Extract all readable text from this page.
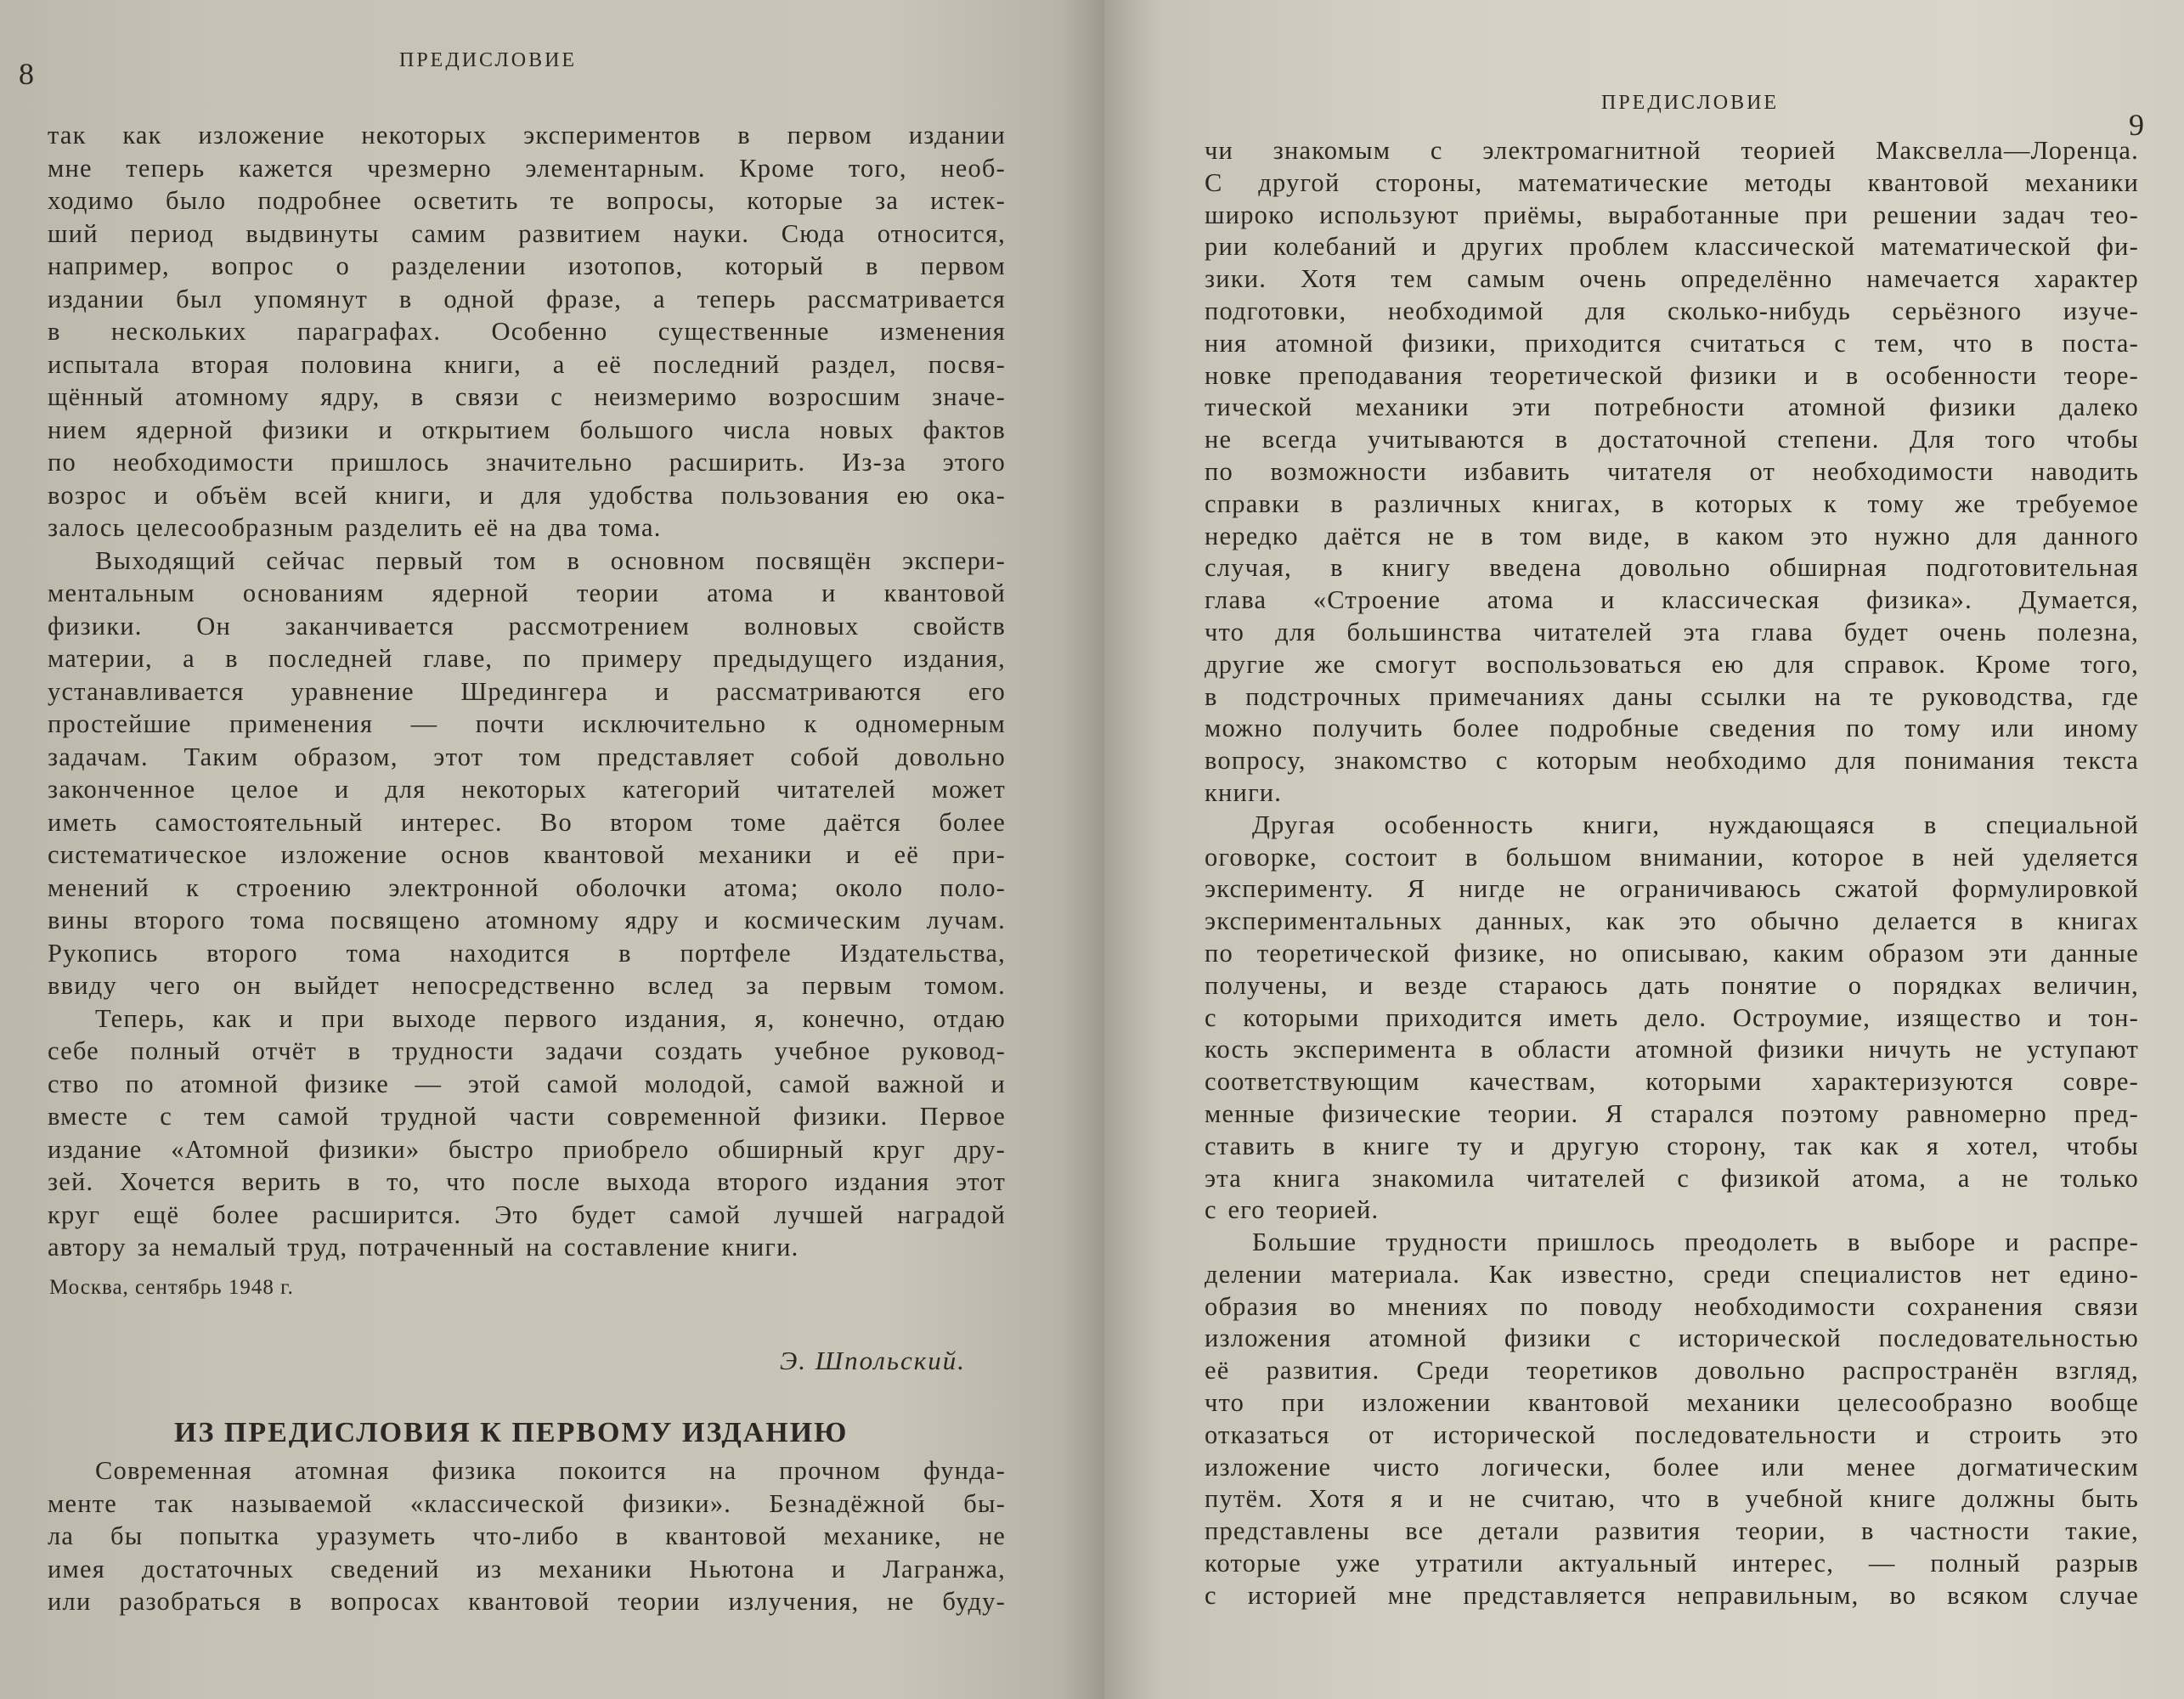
8	ПРЕДИСЛОВИЕ
так как изложение некоторых экспериментов в первом издании
мне теперь кажется чрезмерно элементарным. Кроме того, необ-
ходимо было подробнее осветить те вопросы, которые за истек-
ший период выдвинуты самим развитием науки. Сюда относится,
например, вопрос о разделении изотопов, который в первом
издании был упомянут в одной фразе, а теперь рассматривается
в нескольких параграфах. Особенно существенные изменения
испытала вторая половина книги, а её последний раздел, посвя-
щённый атомному ядру, в связи с неизмеримо возросшим значе-
нием ядерной физики и открытием большого числа новых фактов
по необходимости пришлось значительно расширить. Из-за этого
возрос и объём всей книги, и для удобства пользования ею ока-
залось целесообразным разделить её на два тома.
Выходящий сейчас первый том в основном посвящён экспери-
ментальным основаниям ядерной теории атома и квантовой
физики. Он заканчивается рассмотрением волновых свойств
материи, а в последней главе, по примеру предыдущего издания,
устанавливается уравнение Шредингера и рассматриваются его
простейшие применения — почти исключительно к одномерным
задачам. Таким образом, этот том представляет собой довольно
законченное целое и для некоторых категорий читателей может
иметь самостоятельный интерес. Во втором томе даётся более
систематическое изложение основ квантовой механики и её при-
менений к строению электронной оболочки атома; около поло-
вины второго тома посвящено атомному ядру и космическим лучам.
Рукопись второго тома находится в портфеле Издательства,
ввиду чего он выйдет непосредственно вслед за первым томом.
Теперь, как и при выходе первого издания, я, конечно, отдаю
себе полный отчёт в трудности задачи создать учебное руковод-
ство по атомной физике — этой самой молодой, самой важной и
вместе с тем самой трудной части современной физики. Первое
издание «Атомной физики» быстро приобрело обширный круг дру-
зей. Хочется верить в то, что после выхода второго издания этот
круг ещё более расширится. Это будет самой лучшей наградой
автору за немалый труд, потраченный на составление книги.
Москва, сентябрь 1948 г.
Э. Шпольский.
ИЗ ПРЕДИСЛОВИЯ К ПЕРВОМУ ИЗДАНИЮ
Современная атомная физика покоится на прочном фунда-
менте так называемой «классической физики». Безнадёжной бы-
ла бы попытка уразуметь что-либо в квантовой механике, не
имея достаточных сведений из механики Ньютона и Лагранжа,
или разобраться в вопросах квантовой теории излучения, не буду-
ПРЕДИСЛОВИЕ
9
чи знакомым с электромагнитной теорией Максвелла—Лоренца.
С другой стороны, математические методы квантовой механики
широко используют приёмы, выработанные при решении задач тео-
рии колебаний и других проблем классической математической фи-
зики. Хотя тем самым очень определённо намечается характер
подготовки, необходимой для сколько-нибудь серьёзного изуче-
ния атомной физики, приходится считаться с тем, что в поста-
новке преподавания теоретической физики и в особенности теоре-
тической механики эти потребности атомной физики далеко
не всегда учитываются в достаточной степени. Для того чтобы
по возможности избавить читателя от необходимости наводить
справки в различных книгах, в которых к тому же требуемое
нередко даётся не в том виде, в каком это нужно для данного
случая, в книгу введена довольно обширная подготовительная
глава «Строение атома и классическая физика». Думается,
что для большинства читателей эта глава будет очень полезна,
другие же смогут воспользоваться ею для справок. Кроме того,
в подстрочных примечаниях даны ссылки на те руководства, где
можно получить более подробные сведения по тому или иному
вопросу, знакомство с которым необходимо для понимания текста
книги.
Другая особенность книги, нуждающаяся в специальной
оговорке, состоит в большом внимании, которое в ней уделяется
эксперименту. Я нигде не ограничиваюсь сжатой формулировкой
экспериментальных данных, как это обычно делается в книгах
по теоретической физике, но описываю, каким образом эти данные
получены, и везде стараюсь дать понятие о порядках величин,
с которыми приходится иметь дело. Остроумие, изящество и тон-
кость эксперимента в области атомной физики ничуть не уступают
соответствующим качествам, которыми характеризуются совре-
менные физические теории. Я старался поэтому равномерно пред-
ставить в книге ту и другую сторону, так как я хотел, чтобы
эта книга знакомила читателей с физикой атома, а не только
с его теорией.
Большие трудности пришлось преодолеть в выборе и распре-
делении материала. Как известно, среди специалистов нет едино-
образия во мнениях по поводу необходимости сохранения связи
изложения атомной физики с исторической последовательностью
её развития. Среди теоретиков довольно распространён взгляд,
что при изложении квантовой механики целесообразно вообще
отказаться от исторической последовательности и строить это
изложение чисто логически, более или менее догматическим
путём. Хотя я и не считаю, что в учебной книге должны быть
представлены все детали развития теории, в частности такие,
которые уже утратили актуальный интерес, — полный разрыв
с историей мне представляется неправильным, во всяком случае
